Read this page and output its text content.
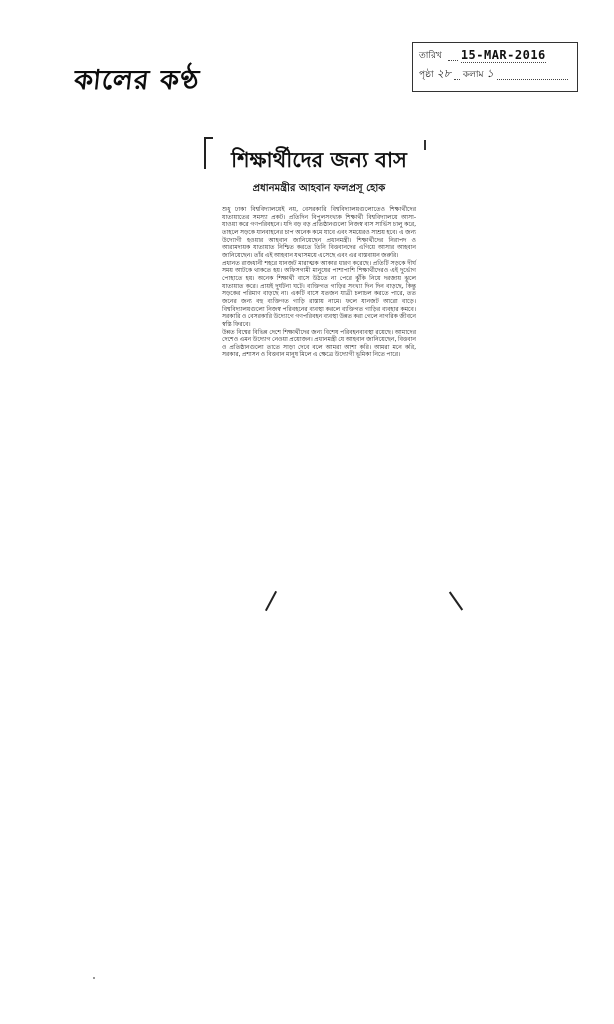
কালের কণ্ঠ
তারিখ 15-MAR-2016
পৃষ্ঠা ২৮ কলাম ১
শিক্ষার্থীদের জন্য বাস
প্রধানমন্ত্রীর আহবান ফলপ্রসূ হোক

শুধু ঢাকা বিশ্ববিদ্যালয়েই নয়, বেসরকারি বিশ্ববিদ্যালয়গুলোতেও শিক্ষার্থীদের যাতায়াতের সমস্যা প্রকট। প্রতিদিন বিপুলসংখ্যক শিক্ষার্থী বিশ্ববিদ্যালয়ে আসা-যাওয়া করে গণপরিবহনে। যদি বড় বড় প্রতিষ্ঠানগুলো নিজস্ব বাস সার্ভিস চালু করে, তাহলে সড়কে যানবাহনের চাপ অনেক কমে যাবে এবং সময়েরও সাশ্রয় হবে। এ জন্য উদ্যোগী হওয়ার আহবান জানিয়েছেন প্রধানমন্ত্রী। শিক্ষার্থীদের নিরাপদ ও আরামদায়ক যাতায়াত নিশ্চিত করতে তিনি বিত্তবানদের এগিয়ে আসার আহবান জানিয়েছেন। তাঁর এই আহবান যথাসময়ে এসেছে এবং এর বাস্তবায়ন জরুরি।

প্রধানত রাজধানী শহরে যানজট মারাত্মক আকার ধারণ করেছে। প্রতিটি সড়কে দীর্ঘ সময় আটকে থাকতে হয়। অফিসগামী মানুষের পাশাপাশি শিক্ষার্থীদেরও এই দুর্ভোগ পোহাতে হয়। অনেক শিক্ষার্থী বাসে উঠতে না পেরে ঝুঁকি নিয়ে দরজায় ঝুলে যাতায়াত করে। প্রায়ই দুর্ঘটনা ঘটে। ব্যক্তিগত গাড়ির সংখ্যা দিন দিন বাড়ছে, কিন্তু সড়কের পরিমাণ বাড়ছে না। একটি বাসে যতজন যাত্রী চলাচল করতে পারে, তত জনের জন্য বহু ব্যক্তিগত গাড়ি রাস্তায় নামে। ফলে যানজট আরো বাড়ে। বিশ্ববিদ্যালয়গুলো নিজস্ব পরিবহনের ব্যবস্থা করলে ব্যক্তিগত গাড়ির ব্যবহার কমবে। সরকারি ও বেসরকারি উদ্যোগে গণপরিবহন ব্যবস্থা উন্নত করা গেলে নাগরিক জীবনে স্বস্তি ফিরবে।

উন্নত বিশ্বের বিভিন্ন দেশে শিক্ষার্থীদের জন্য বিশেষ পরিবহনব্যবস্থা রয়েছে। আমাদের দেশেও এমন উদ্যোগ নেওয়া প্রয়োজন। প্রধানমন্ত্রী যে আহবান জানিয়েছেন, বিত্তবান ও প্রতিষ্ঠানগুলো তাতে সাড়া দেবে বলে আমরা আশা করি। আমরা মনে করি, সরকার, প্রশাসন ও বিত্তবান মানুষ মিলে এ ক্ষেত্রে উদ্যোগী ভূমিকা নিতে পারে।
